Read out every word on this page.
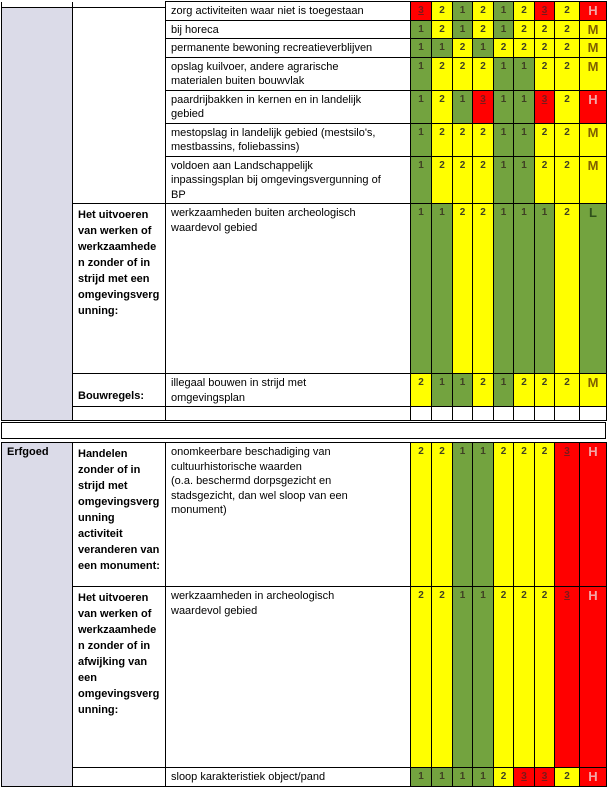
		zorg activiteiten waar niet is toegestaan	3	2	1	2	1	2	3	2	H
		bij horeca	1	2	1	2	1	2	2	2	M
		permanente bewoning recreatieverblijven	1	1	2	1	2	2	2	2	M
		opslag kuilvoer, andere agrarische
materialen buiten bouwvlak	1	2	2	2	1	1	2	2	M
		paardrijbakken in kernen en in landelijk
gebied	1	2	1	3	1	1	3	2	H
		mestopslag in landelijk gebied (mestsilo's,
mestbassins, foliebassins)	1	2	2	2	1	1	2	2	M
		voldoen aan Landschappelijk
inpassingsplan bij omgevingsvergunning of
BP	1	2	2	2	1	1	2	2	M
	Het uitvoeren van werken of werkzaamheden zonder of in strijd met een omgevingsvergunning:	werkzaamheden buiten archeologisch
waardevol gebied	1	1	2	2	1	1	1	2	L
	Bouwregels:	illegaal bouwen in strijd met
omgevingsplan	2	1	1	2	1	2	2	2	M

Erfgoed	Handelen zonder of in strijd met omgevingsvergunning activiteit veranderen van een monument:	onomkeerbare beschadiging van
cultuurhistorische waarden
(o.a. beschermd dorpsgezicht en
stadsgezicht, dan wel sloop van een
monument)	2	2	1	1	2	2	2	3	H
	Het uitvoeren van werken of werkzaamheden zonder of in afwijking van een omgevingsvergunning:	werkzaamheden in archeologisch
waardevol gebied	2	2	1	1	2	2	2	3	H
		sloop karakteristiek object/pand	1	1	1	1	2	3	3	2	H
